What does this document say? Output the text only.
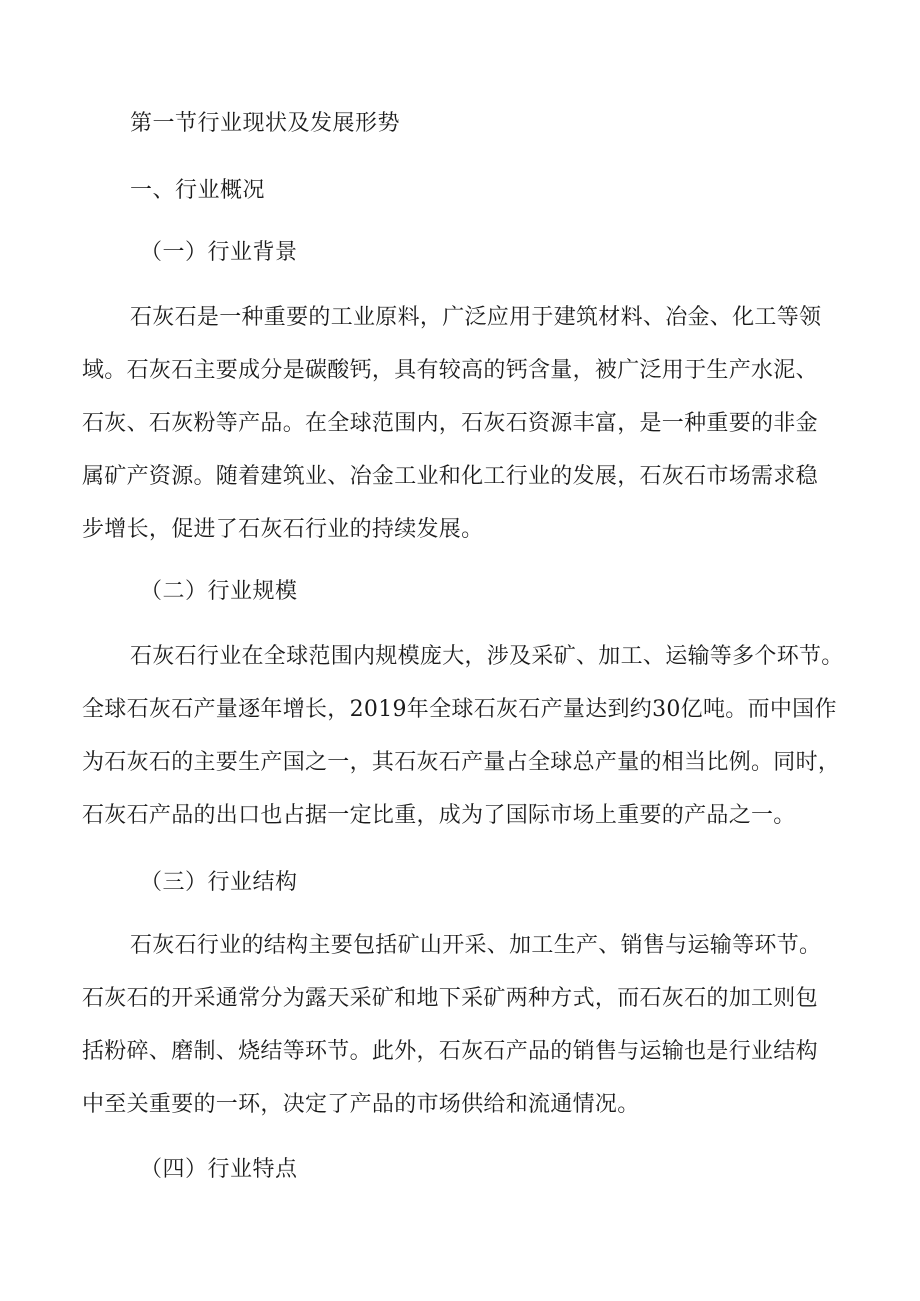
第一节行业现状及发展形势
一、行业概况
（一）行业背景
石灰石是一种重要的工业原料，广泛应用于建筑材料、冶金、化工等领
域。石灰石主要成分是碳酸钙，具有较高的钙含量，被广泛用于生产水泥、
石灰、石灰粉等产品。在全球范围内，石灰石资源丰富，是一种重要的非金
属矿产资源。随着建筑业、冶金工业和化工行业的发展，石灰石市场需求稳
步增长，促进了石灰石行业的持续发展。
（二）行业规模
石灰石行业在全球范围内规模庞大，涉及采矿、加工、运输等多个环节。
全球石灰石产量逐年增长，2019年全球石灰石产量达到约30亿吨。而中国作
为石灰石的主要生产国之一，其石灰石产量占全球总产量的相当比例。同时，
石灰石产品的出口也占据一定比重，成为了国际市场上重要的产品之一。
（三）行业结构
石灰石行业的结构主要包括矿山开采、加工生产、销售与运输等环节。
石灰石的开采通常分为露天采矿和地下采矿两种方式，而石灰石的加工则包
括粉碎、磨制、烧结等环节。此外，石灰石产品的销售与运输也是行业结构
中至关重要的一环，决定了产品的市场供给和流通情况。
（四）行业特点
